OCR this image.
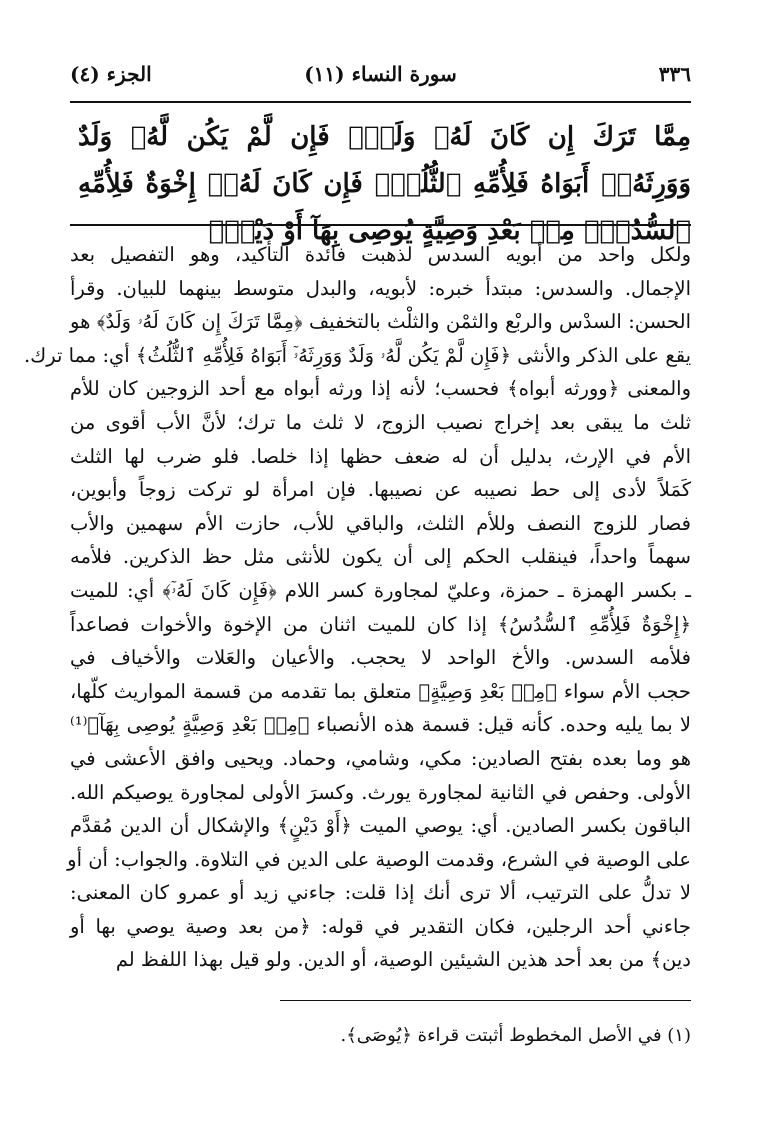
٣٣٦
سورة النساء (١١)
الجزء (٤)
مِمَّا تَرَكَ إِن كَانَ لَهُۥ وَلَدٌۚ فَإِن لَّمْ يَكُن لَّهُۥ وَلَدٌ وَوَرِثَهُۥٓ أَبَوَاهُ فَلِأُمِّهِ ٱلثُّلُثُۚ فَإِن كَانَ لَهُۥٓ إِخْوَةٌ فَلِأُمِّهِ ٱلسُّدُسُۚ مِنۢ بَعْدِ وَصِيَّةٍ يُوصِى بِهَآ أَوْ دَيْنٍۗ
ولكل واحد من أبويه السدس لذهبت فائدة التأكيد، وهو التفصيل بعد
الإجمال. والسدس: مبتدأ خبره: لأبويه، والبدل متوسط بينهما للبيان. وقرأ
الحسن: السدْس والربْع والثمْن والثلْث بالتخفيف ﴿مِمَّا تَرَكَ إِن كَانَ لَهُۥ وَلَدٌ﴾ هو
يقع على الذكر والأنثى ﴿فَإِن لَّمْ يَكُن لَّهُۥ وَلَدٌ وَوَرِثَهُۥٓ أَبَوَاهُ فَلِأُمِّهِ ٱلثُّلُثُ﴾ أي: مما ترك.
والمعنى ﴿وورثه أبواه﴾ فحسب؛ لأنه إذا ورثه أبواه مع أحد الزوجين كان للأم
ثلث ما يبقى بعد إخراج نصيب الزوج، لا ثلث ما ترك؛ لأنَّ الأب أقوى من
الأم في الإرث، بدليل أن له ضعف حظها إذا خلصا. فلو ضرب لها الثلث
كَمَلاً لأدى إلى حط نصيبه عن نصيبها. فإن امرأة لو تركت زوجاً وأبوين،
فصار للزوج النصف وللأم الثلث، والباقي للأب، حازت الأم سهمين والأب
سهماً واحداً، فينقلب الحكم إلى أن يكون للأنثى مثل حظ الذكرين. فلأمه
ـ بكسر الهمزة ـ حمزة، وعليّ لمجاورة كسر اللام ﴿فَإِن كَانَ لَهُۥٓ﴾ أي: للميت
﴿إِخْوَةٌ فَلِأُمِّهِ ٱلسُّدُسُ﴾ إذا كان للميت اثنان من الإخوة والأخوات فصاعداً
فلأمه السدس. والأخ الواحد لا يحجب. والأعيان والعَلات والأخياف في
حجب الأم سواء ﴿مِنۢ بَعْدِ وَصِيَّةٍ﴾ متعلق بما تقدمه من قسمة المواريث كلّها،
لا بما يليه وحده. كأنه قيل: قسمة هذه الأنصباء ﴿مِنۢ بَعْدِ وَصِيَّةٍ يُوصِى بِهَآ﴾⁽¹⁾
هو وما بعده بفتح الصادين: مكي، وشامي، وحماد. ويحيى وافق الأعشى في
الأولى. وحفص في الثانية لمجاورة يورث. وكسرَ الأولى لمجاورة يوصيكم الله.
الباقون بكسر الصادين. أي: يوصي الميت ﴿أَوْ دَيْنٍ﴾ والإشكال أن الدين مُقدَّم
على الوصية في الشرع، وقدمت الوصية على الدين في التلاوة. والجواب: أن أو
لا تدلُّ على الترتيب، ألا ترى أنك إذا قلت: جاءني زيد أو عمرو كان المعنى:
جاءني أحد الرجلين، فكان التقدير في قوله: ﴿من بعد وصية يوصي بها أو
دين﴾ من بعد أحد هذين الشيئين الوصية، أو الدين. ولو قيل بهذا اللفظ لم
(١) في الأصل المخطوط أثبتت قراءة ﴿يُوصَى﴾.
